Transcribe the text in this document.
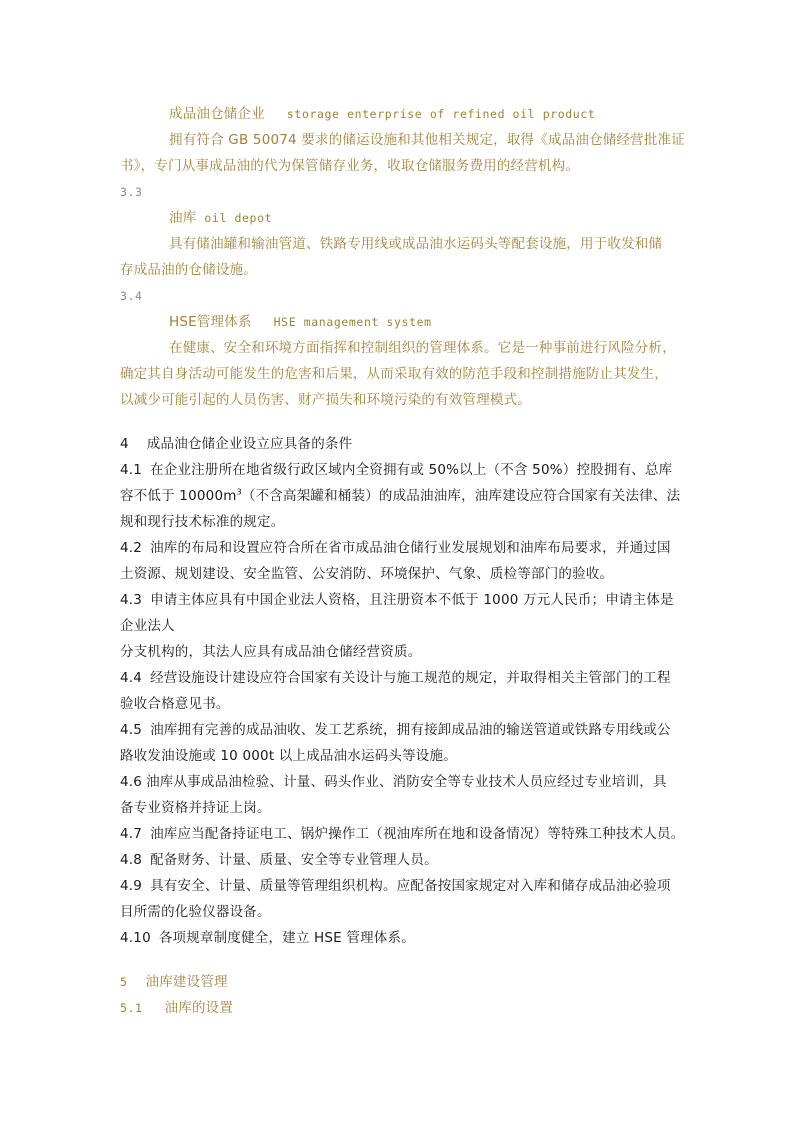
成品油仓储企业 storage enterprise of refined oil product
拥有符合 GB 50074 要求的储运设施和其他相关规定，取得《成品油仓储经营批准证
书》，专门从事成品油的代为保管储存业务，收取仓储服务费用的经营机构。
3.3
油库 oil depot
具有储油罐和输油管道、铁路专用线或成品油水运码头等配套设施，用于收发和储
存成品油的仓储设施。
3.4
HSE管理体系 HSE management system
在健康、安全和环境方面指挥和控制组织的管理体系。它是一种事前进行风险分析，
确定其自身活动可能发生的危害和后果，从而采取有效的防范手段和控制措施防止其发生，
以减少可能引起的人员伤害、财产损失和环境污染的有效管理模式。
4 成品油仓储企业设立应具备的条件
4.1 在企业注册所在地省级行政区域内全资拥有或 50%以上（不含 50%）控股拥有、总库
容不低于 $10000m^3$（不含高架罐和桶装）的成品油油库，油库建设应符合国家有关法律、法
规和现行技术标准的规定。
4.2 油库的布局和设置应符合所在省市成品油仓储行业发展规划和油库布局要求，并通过国
土资源、规划建设、安全监管、公安消防、环境保护、气象、质检等部门的验收。
4.3 申请主体应具有中国企业法人资格，且注册资本不低于 1000 万元人民币；申请主体是
企业法人
分支机构的，其法人应具有成品油仓储经营资质。
4.4 经营设施设计建设应符合国家有关设计与施工规范的规定，并取得相关主管部门的工程
验收合格意见书。
4.5 油库拥有完善的成品油收、发工艺系统，拥有接卸成品油的输送管道或铁路专用线或公
路收发油设施或 10 000t 以上成品油水运码头等设施。
4.6 油库从事成品油检验、计量、码头作业、消防安全等专业技术人员应经过专业培训，具
备专业资格并持证上岗。
4.7 油库应当配备持证电工、锅炉操作工（视油库所在地和设备情况）等特殊工种技术人员。
4.8 配备财务、计量、质量、安全等专业管理人员。
4.9 具有安全、计量、质量等管理组织机构。应配备按国家规定对入库和储存成品油必验项
目所需的化验仪器设备。
4.10 各项规章制度健全，建立 HSE 管理体系。
5 油库建设管理
5.1 油库的设置
